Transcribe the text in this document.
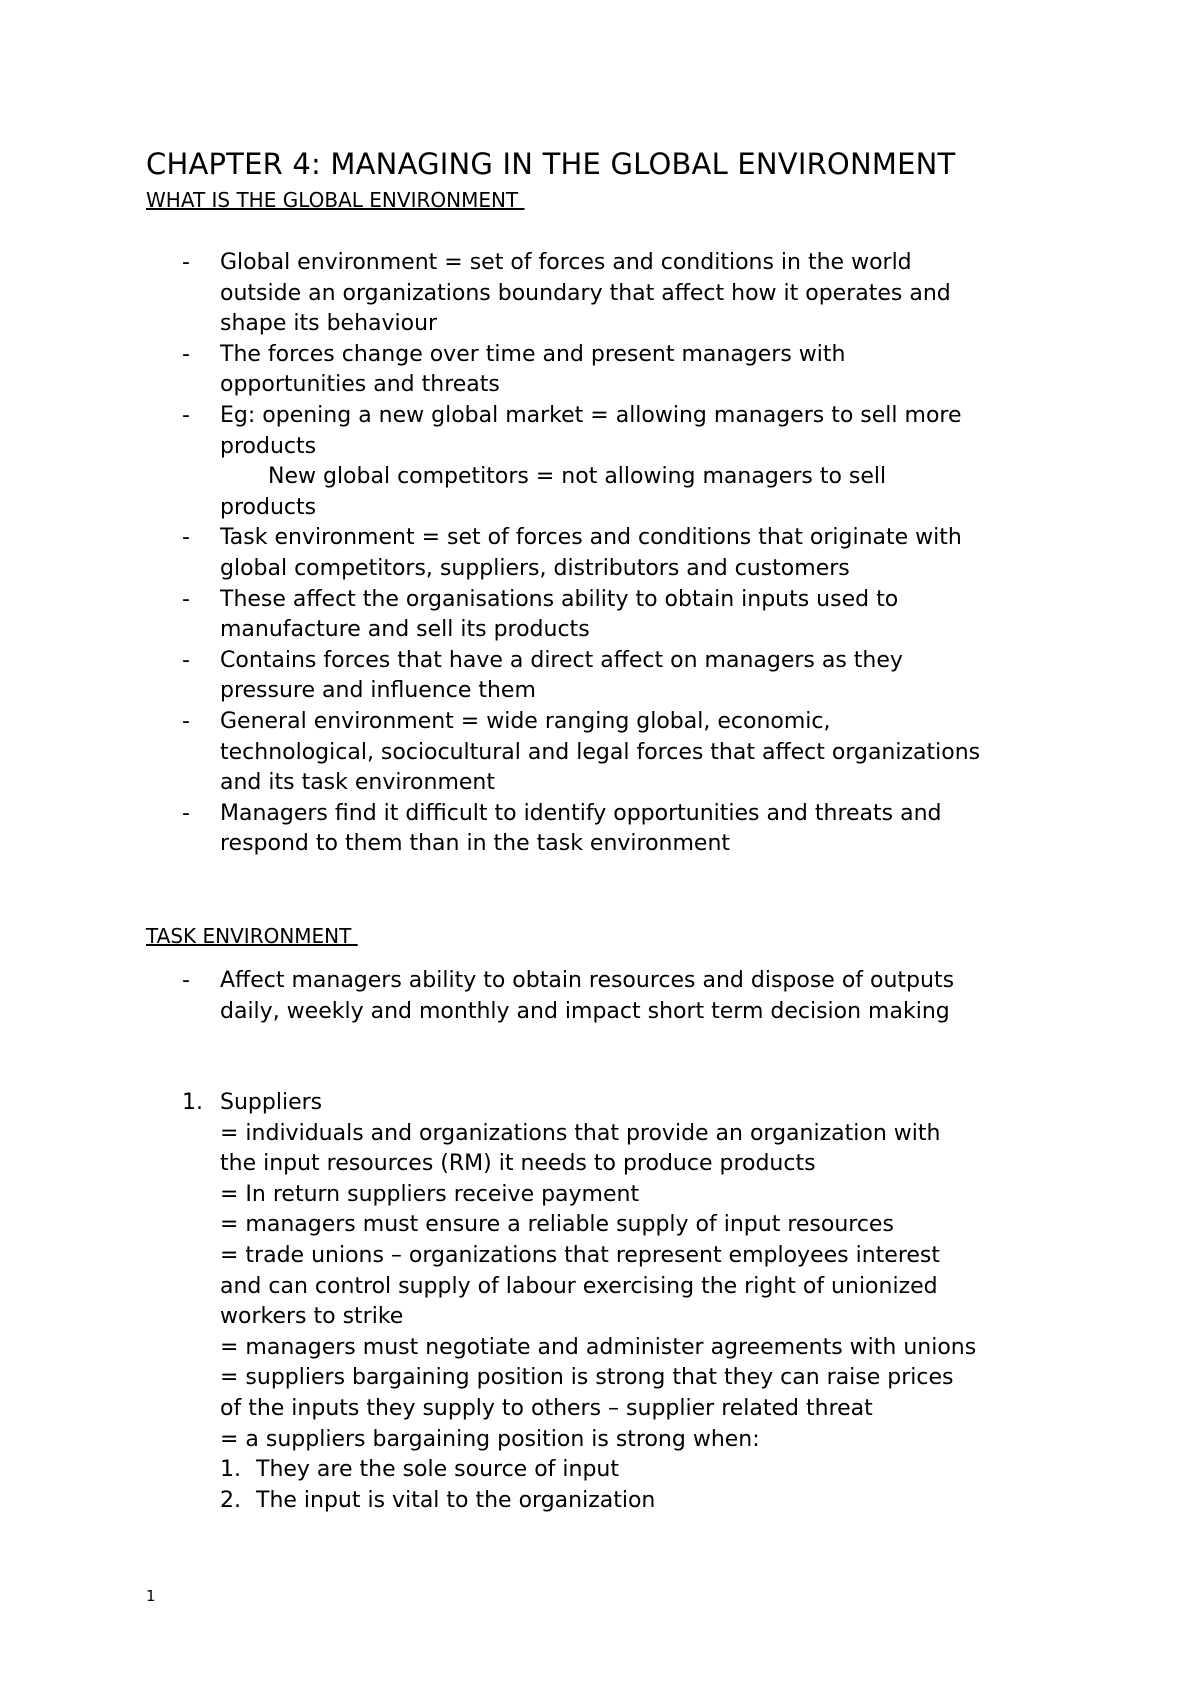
CHAPTER 4: MANAGING IN THE GLOBAL ENVIRONMENT
WHAT IS THE GLOBAL ENVIRONMENT
- Global environment = set of forces and conditions in the world
outside an organizations boundary that affect how it operates and
shape its behaviour
- The forces change over time and present managers with
opportunities and threats
- Eg: opening a new global market = allowing managers to sell more
products
New global competitors = not allowing managers to sell
products
- Task environment = set of forces and conditions that originate with
global competitors, suppliers, distributors and customers
- These affect the organisations ability to obtain inputs used to
manufacture and sell its products
- Contains forces that have a direct affect on managers as they
pressure and influence them
- General environment = wide ranging global, economic,
technological, sociocultural and legal forces that affect organizations
and its task environment
- Managers find it difficult to identify opportunities and threats and
respond to them than in the task environment
TASK ENVIRONMENT
- Affect managers ability to obtain resources and dispose of outputs
daily, weekly and monthly and impact short term decision making
1. Suppliers
= individuals and organizations that provide an organization with
the input resources (RM) it needs to produce products
= In return suppliers receive payment
= managers must ensure a reliable supply of input resources
= trade unions – organizations that represent employees interest
and can control supply of labour exercising the right of unionized
workers to strike
= managers must negotiate and administer agreements with unions
= suppliers bargaining position is strong that they can raise prices
of the inputs they supply to others – supplier related threat
= a suppliers bargaining position is strong when:
1. They are the sole source of input
2. The input is vital to the organization
1
